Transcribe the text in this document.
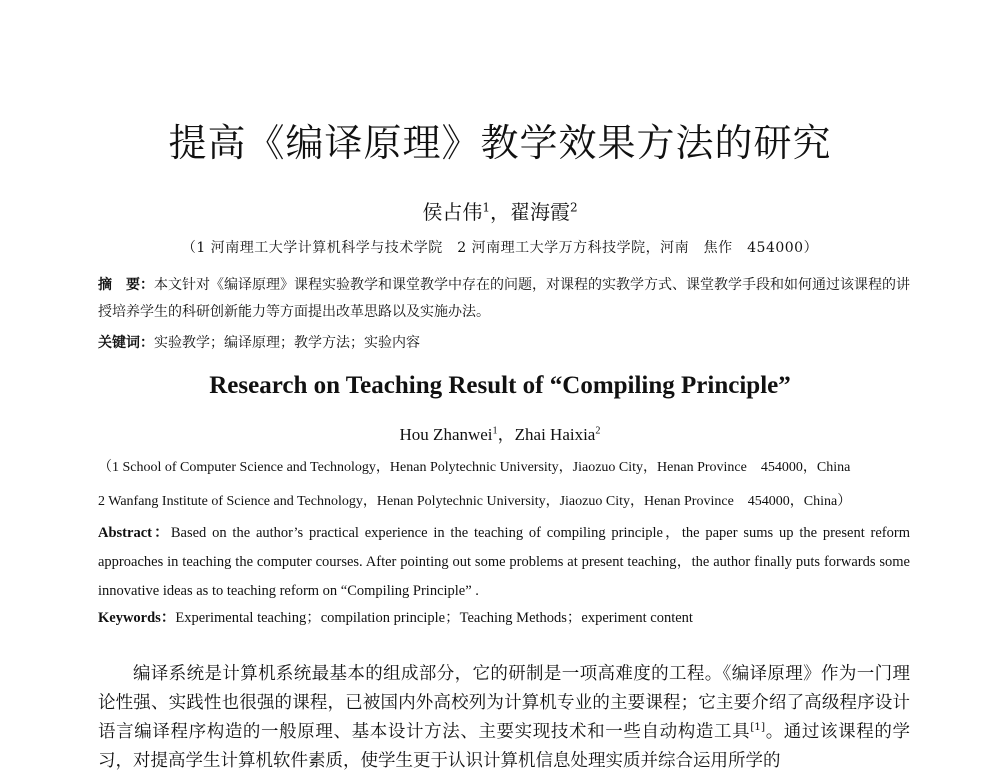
提高《编译原理》教学效果方法的研究
侯占伟$^1$，翟海霞$^2$
（1 河南理工大学计算机科学与技术学院　2 河南理工大学万方科技学院，河南　焦作　454000）
摘　要：本文针对《编译原理》课程实验教学和课堂教学中存在的问题，对课程的实教学方式、课堂教学手段和如何通过该课程的讲授培养学生的科研创新能力等方面提出改革思路以及实施办法。
关键词：实验教学；编译原理；教学方法；实验内容
Research on Teaching Result of “Compiling Principle”
Hou Zhanwei$^1$，Zhai Haixia$^2$
（1 School of Computer Science and Technology，Henan Polytechnic University，Jiaozuo City，Henan Province　454000，China
2 Wanfang Institute of Science and Technology，Henan Polytechnic University，Jiaozuo City，Henan Province　454000，China）
Abstract：Based on the author’s practical experience in the teaching of compiling principle，the paper sums up the present reform approaches in teaching the computer courses. After pointing out some problems at present teaching，the author finally puts forwards some innovative ideas as to teaching reform on “Compiling Principle” .
Keywords：Experimental teaching；compilation principle；Teaching Methods；experiment content
编译系统是计算机系统最基本的组成部分，它的研制是一项高难度的工程。《编译原理》作为一门理论性强、实践性也很强的课程，已被国内外高校列为计算机专业的主要课程；它主要介绍了高级程序设计语言编译程序构造的一般原理、基本设计方法、主要实现技术和一些自动构造工具[1]。通过该课程的学习，对提高学生计算机软件素质，使学生更于认识计算机信息处理实质并综合运用所学的
